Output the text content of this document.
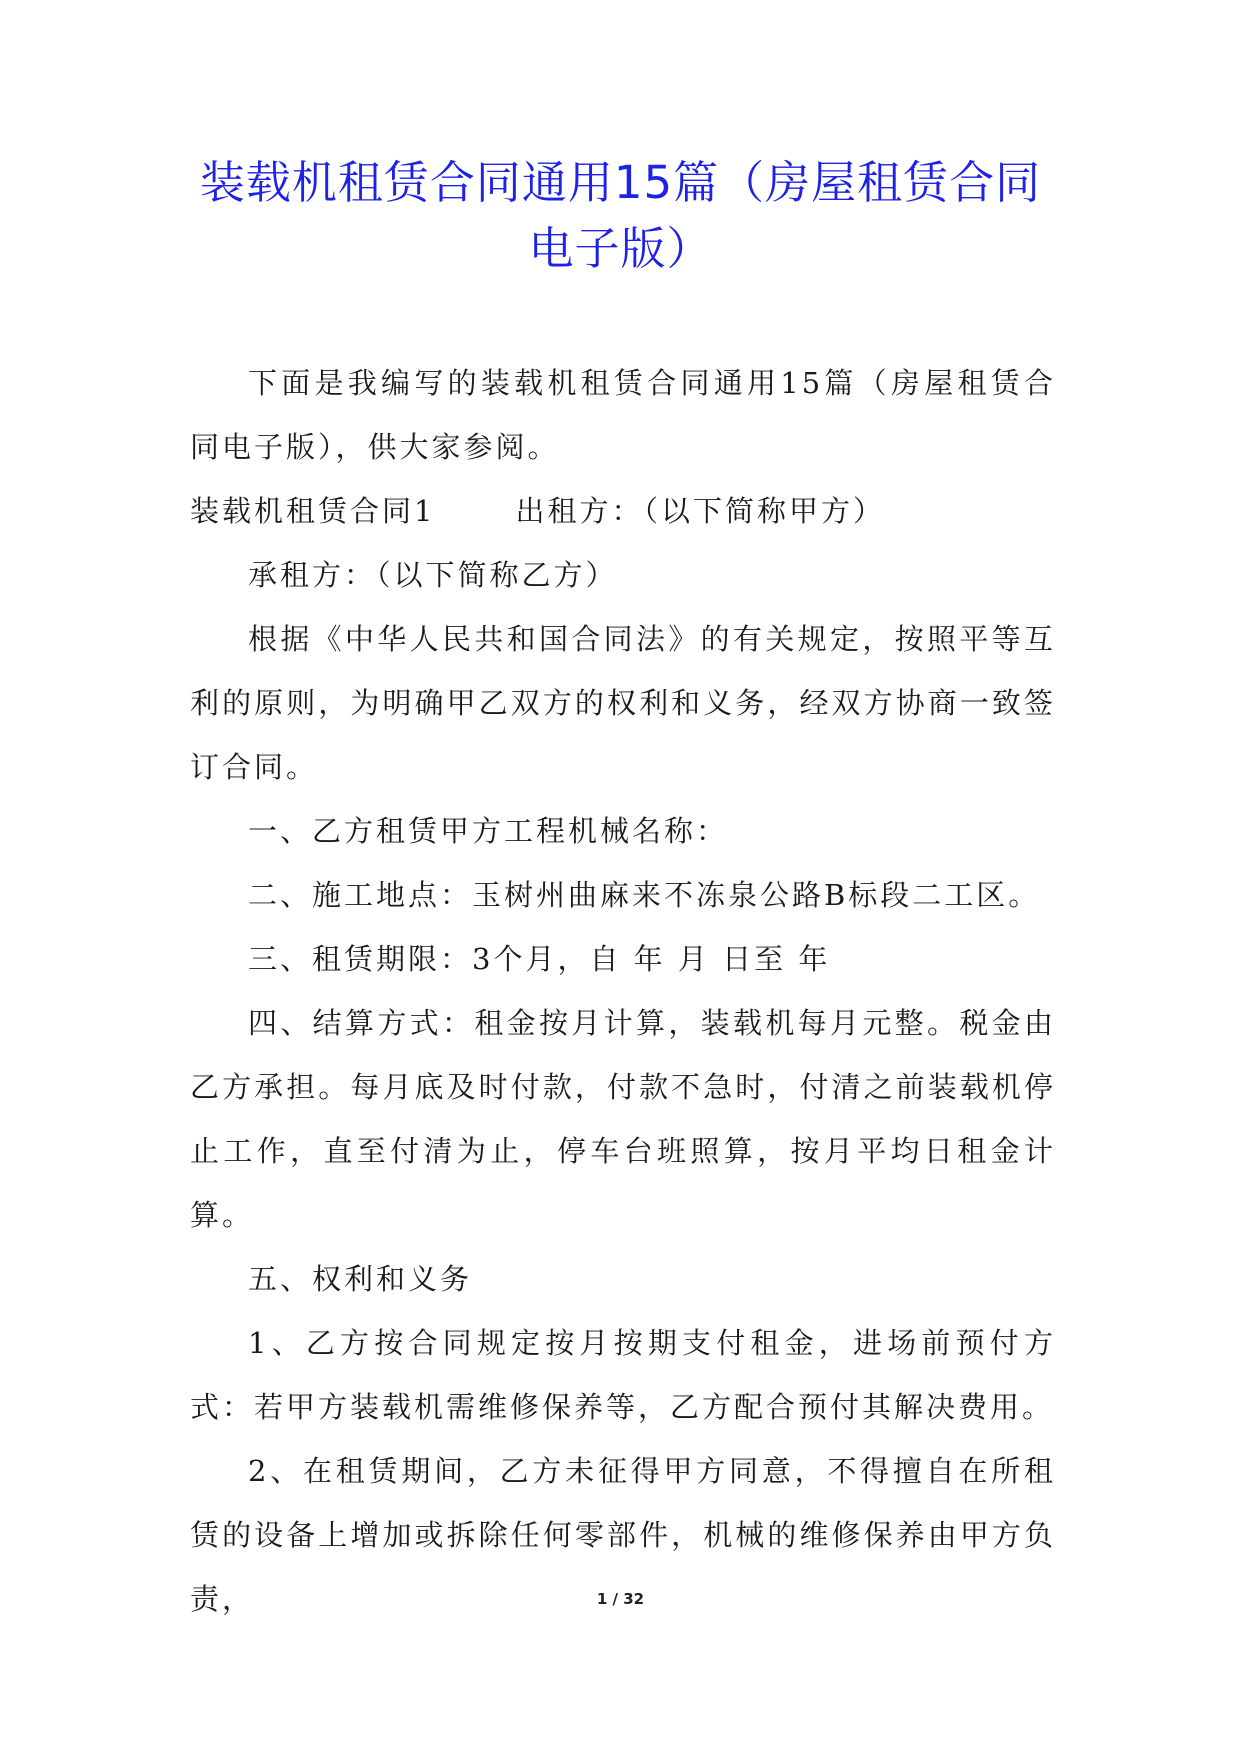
装载机租赁合同通用15篇（房屋租赁合同
电子版）

下面是我编写的装载机租赁合同通用15篇（房屋租赁合同电子版），供大家参阅。

装载机租赁合同1	出租方：（以下简称甲方）

承租方：（以下简称乙方）

根据《中华人民共和国合同法》的有关规定，按照平等互利的原则，为明确甲乙双方的权利和义务，经双方协商一致签订合同。

一、乙方租赁甲方工程机械名称：

二、施工地点：玉树州曲麻来不冻泉公路B标段二工区。

三、租赁期限：3个月，自 年 月 日至 年

四、结算方式：租金按月计算，装载机每月元整。税金由乙方承担。每月底及时付款，付款不急时，付清之前装载机停止工作，直至付清为止，停车台班照算，按月平均日租金计算。

五、权利和义务

1、乙方按合同规定按月按期支付租金，进场前预付方式：若甲方装载机需维修保养等，乙方配合预付其解决费用。

2、在租赁期间，乙方未征得甲方同意，不得擅自在所租赁的设备上增加或拆除任何零部件，机械的维修保养由甲方负责，	1 / 32
